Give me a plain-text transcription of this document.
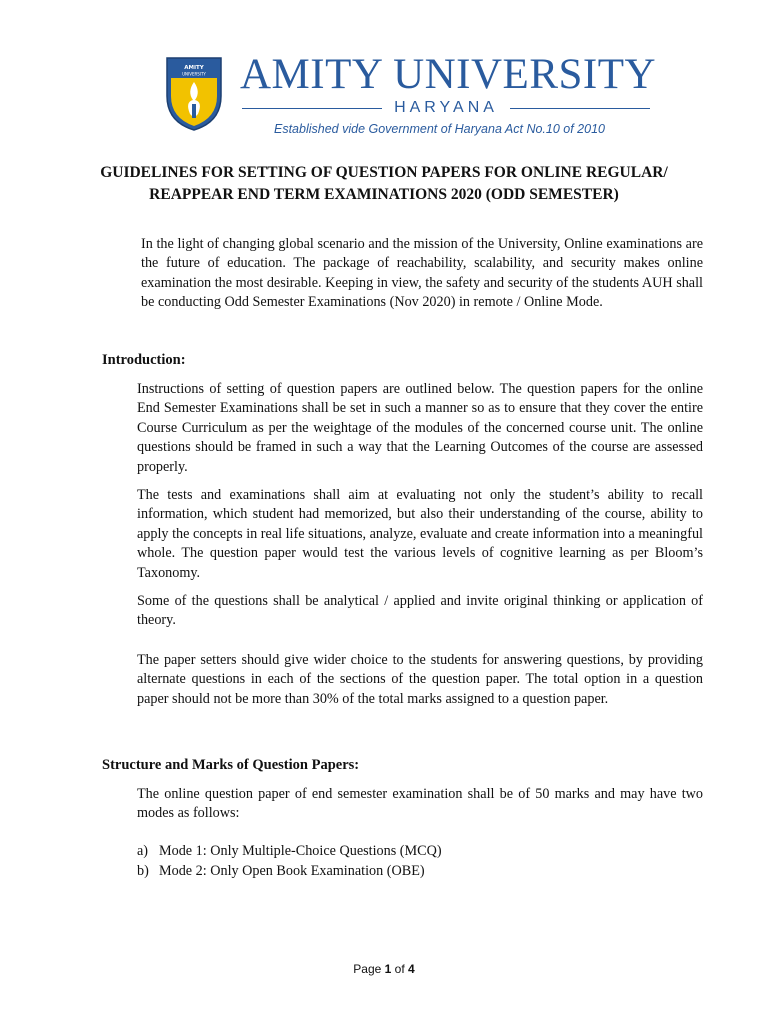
AMITY
UNIVERSITY AMITY UNIVERSITY
HARYANA
Established vide Government of Haryana Act No.10 of 2010
GUIDELINES FOR SETTING OF QUESTION PAPERS FOR ONLINE REGULAR/
REAPPEAR END TERM EXAMINATIONS 2020 (ODD SEMESTER)
In the light of changing global scenario and the mission of the University, Online examinations are the future of education. The package of reachability, scalability, and security makes online examination the most desirable. Keeping in view, the safety and security of the students AUH shall be conducting Odd Semester Examinations (Nov 2020) in remote / Online Mode.
Introduction:
Instructions of setting of question papers are outlined below. The question papers for the online End Semester Examinations shall be set in such a manner so as to ensure that they cover the entire Course Curriculum as per the weightage of the modules of the concerned course unit. The online questions should be framed in such a way that the Learning Outcomes of the course are assessed properly.
The tests and examinations shall aim at evaluating not only the student’s ability to recall information, which student had memorized, but also their understanding of the course, ability to apply the concepts in real life situations, analyze, evaluate and create information into a meaningful whole. The question paper would test the various levels of cognitive learning as per Bloom’s Taxonomy.
Some of the questions shall be analytical / applied and invite original thinking or application of theory.
The paper setters should give wider choice to the students for answering questions, by providing alternate questions in each of the sections of the question paper. The total option in a question paper should not be more than 30% of the total marks assigned to a question paper.
Structure and Marks of Question Papers:
The online question paper of end semester examination shall be of 50 marks and may have two modes as follows:
a) Mode 1: Only Multiple-Choice Questions (MCQ)
b) Mode 2: Only Open Book Examination (OBE)
Page 1 of 4
